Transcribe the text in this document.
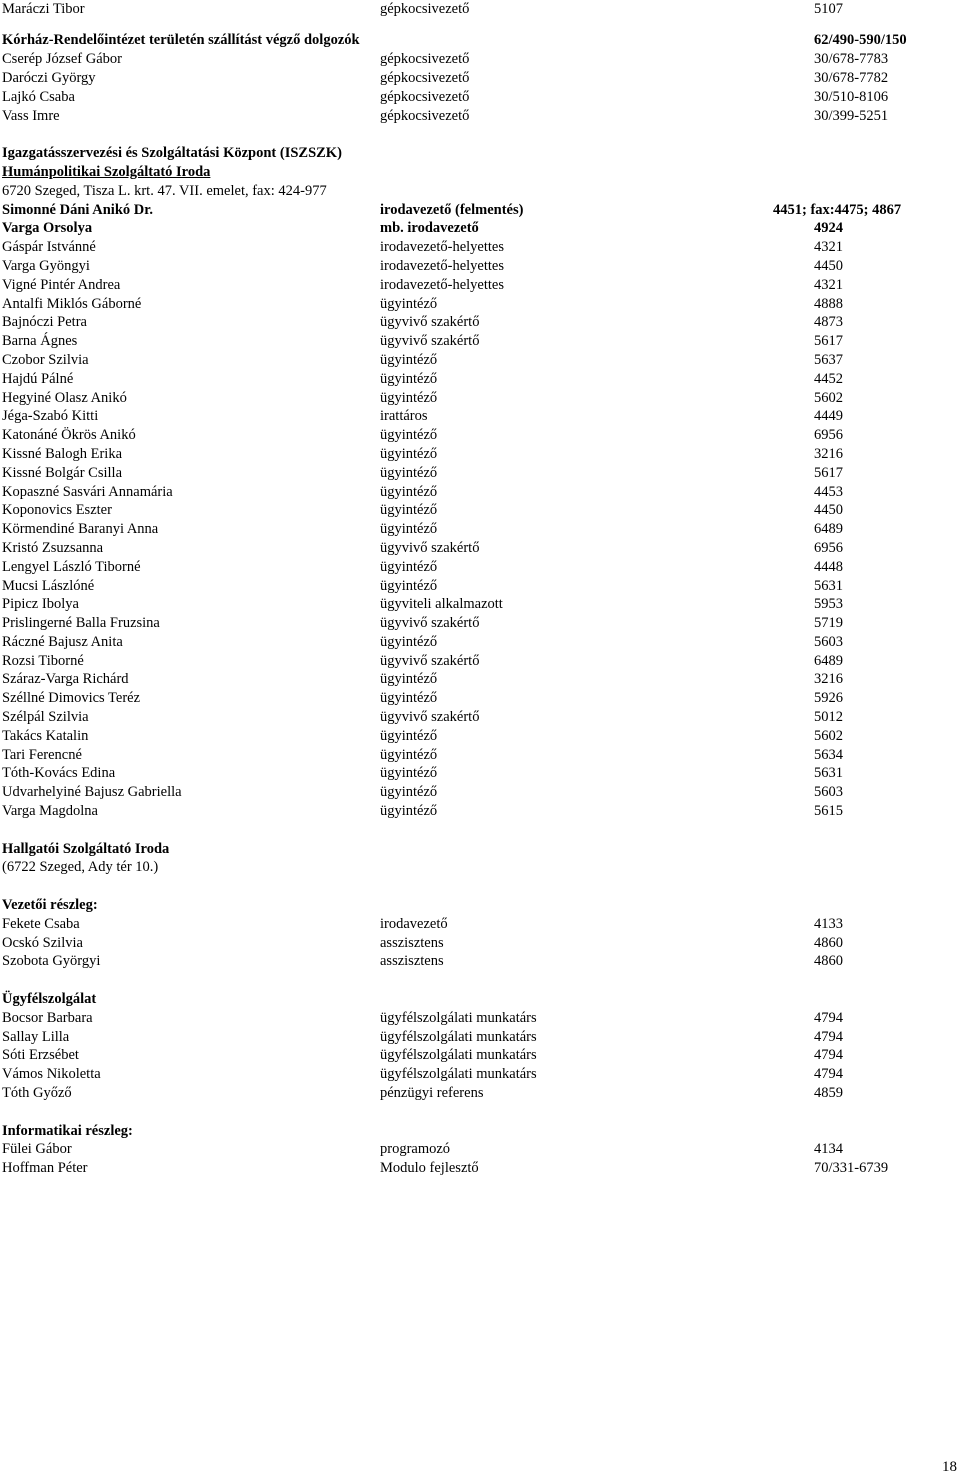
Maráczi Tibor	gépkocsivezető	5107
Kórház-Rendelőintézet területén szállítást végző dolgozók	62/490-590/150
Cserép József Gábor	gépkocsivezető	30/678-7783
Daróczi György	gépkocsivezető	30/678-7782
Lajkó Csaba	gépkocsivezető	30/510-8106
Vass Imre	gépkocsivezető	30/399-5251
Igazgatásszervezési és Szolgáltatási Központ (ISZSZK)
Humánpolitikai Szolgáltató Iroda
6720 Szeged, Tisza L. krt. 47. VII. emelet, fax: 424-977
Simonné Dáni Anikó Dr.	irodavezető (felmentés)	4451; fax:4475; 4867
Varga Orsolya	mb. irodavezető	4924
Gáspár Istvánné	irodavezető-helyettes	4321
Varga Gyöngyi	irodavezető-helyettes	4450
Vigné Pintér Andrea	irodavezető-helyettes	4321
Antalfi Miklós Gáborné	ügyintéző	4888
Bajnóczi Petra	ügyvivő szakértő	4873
Barna Ágnes	ügyvivő szakértő	5617
Czobor Szilvia	ügyintéző	5637
Hajdú Pálné	ügyintéző	4452
Hegyiné Olasz Anikó	ügyintéző	5602
Jéga-Szabó Kitti	irattáros	4449
Katonáné Ökrös Anikó	ügyintéző	6956
Kissné Balogh Erika	ügyintéző	3216
Kissné Bolgár Csilla	ügyintéző	5617
Kopaszné Sasvári Annamária	ügyintéző	4453
Koponovics Eszter	ügyintéző	4450
Körmendiné Baranyi Anna	ügyintéző	6489
Kristó Zsuzsanna	ügyvivő szakértő	6956
Lengyel László Tiborné	ügyintéző	4448
Mucsi Lászlóné	ügyintéző	5631
Pipicz Ibolya	ügyviteli alkalmazott	5953
Prislingerné Balla Fruzsina	ügyvivő szakértő	5719
Ráczné Bajusz Anita	ügyintéző	5603
Rozsi Tiborné	ügyvivő szakértő	6489
Száraz-Varga Richárd	ügyintéző	3216
Széllné Dimovics Teréz	ügyintéző	5926
Szélpál Szilvia	ügyvivő szakértő	5012
Takács Katalin	ügyintéző	5602
Tari Ferencné	ügyintéző	5634
Tóth-Kovács Edina	ügyintéző	5631
Udvarhelyiné Bajusz Gabriella	ügyintéző	5603
Varga Magdolna	ügyintéző	5615
Hallgatói Szolgáltató Iroda
(6722 Szeged, Ady tér 10.)
Vezetői részleg:
Fekete Csaba	irodavezető	4133
Ocskó Szilvia	asszisztens	4860
Szobota Györgyi	asszisztens	4860
Ügyfélszolgálat
Bocsor Barbara	ügyfélszolgálati munkatárs	4794
Sallay Lilla	ügyfélszolgálati munkatárs	4794
Sóti Erzsébet	ügyfélszolgálati munkatárs	4794
Vámos Nikoletta	ügyfélszolgálati munkatárs	4794
Tóth Győző	pénzügyi referens	4859
Informatikai részleg:
Fülei Gábor	programozó	4134
Hoffman Péter	Modulo fejlesztő	70/331-6739
18
